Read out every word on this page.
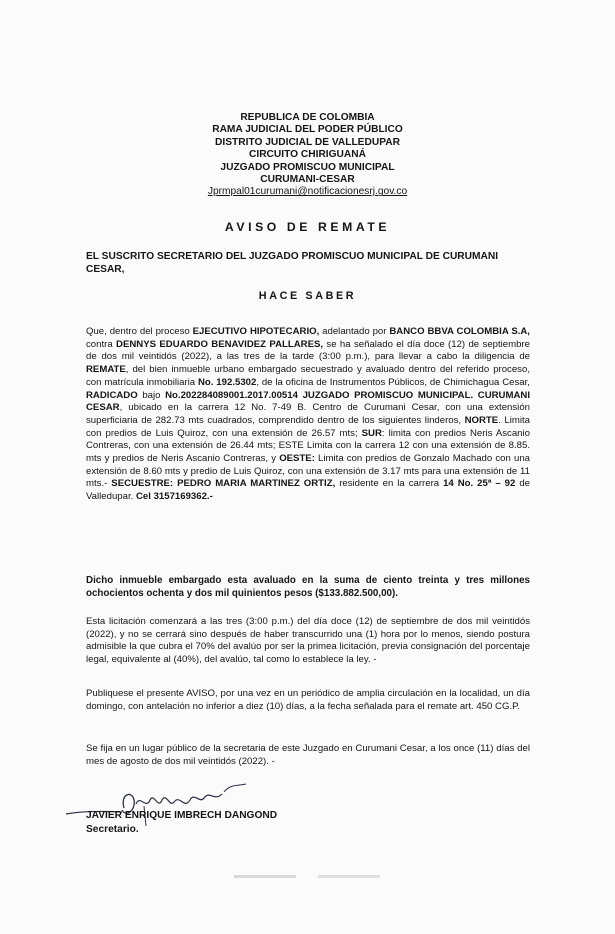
REPUBLICA DE COLOMBIA
RAMA JUDICIAL DEL PODER PÚBLICO
DISTRITO JUDICIAL DE VALLEDUPAR
CIRCUITO CHIRIGUANÁ
JUZGADO PROMISCUO MUNICIPAL
CURUMANI-CESAR
Jprmpal01curumani@notificacionesrj.gov.co
AVISO DE REMATE
EL SUSCRITO SECRETARIO DEL JUZGADO PROMISCUO MUNICIPAL DE CURUMANI CESAR,
HACE SABER
Que, dentro del proceso EJECUTIVO HIPOTECARIO, adelantado por BANCO BBVA COLOMBIA S.A, contra DENNYS EDUARDO BENAVIDEZ PALLARES, se ha señalado el día doce (12) de septiembre de dos mil veintidós (2022), a las tres de la tarde (3:00 p.m.), para llevar a cabo la diligencia de REMATE, del bien inmueble urbano embargado secuestrado y avaluado dentro del referido proceso, con matrícula inmobiliaria No. 192.5302, de la oficina de Instrumentos Públicos, de Chimichagua Cesar, RADICADO bajo No.202284089001.2017.00514 JUZGADO PROMISCUO MUNICIPAL. CURUMANI CESAR, ubicado en la carrera 12 No. 7-49 B. Centro de Curumani Cesar, con una extensión superficiaria de 282.73 mts cuadrados, comprendido dentro de los siguientes linderos, NORTE. Limita con predios de Luis Quiroz, con una extensión de 26.57 mts; SUR: limita con predios Neris Ascanio Contreras, con una extensión de 26.44 mts; ESTE Limita con la carrera 12 con una extensión de 8.85. mts y predios de Neris Ascanio Contreras, y OESTE: Limita con predios de Gonzalo Machado con una extensión de 8.60 mts y predio de Luis Quiroz, con una extensión de 3.17 mts para una extensión de 11 mts.- SECUESTRE: PEDRO MARIA MARTINEZ ORTIZ, residente en la carrera 14 No. 25ª – 92 de Valledupar. Cel 3157169362.-
Dicho inmueble embargado esta avaluado en la suma de ciento treinta y tres millones ochocientos ochenta y dos mil quinientos pesos ($133.882.500,00).
Esta licitación comenzará a las tres (3:00 p.m.) del día doce (12) de septiembre de dos mil veintidós (2022), y no se cerrará sino después de haber transcurrido una (1) hora por lo menos, siendo postura admisible la que cubra el 70% del avalúo por ser la primea licitación, previa consignación del porcentaje legal, equivalente al (40%), del avalúo, tal como lo establece la ley. -
Publiquese el presente AVISO, por una vez en un periódico de amplia circulación en la localidad, un día domingo, con antelación no inferior a diez (10) días, a la fecha señalada para el remate art. 450 CG.P.
Se fija en un lugar público de la secretaria de este Juzgado en Curumani Cesar, a los once (11) días del mes de agosto de dos mil veintidós (2022). -
JAVIER ENRIQUE IMBRECH DANGOND
Secretario.
